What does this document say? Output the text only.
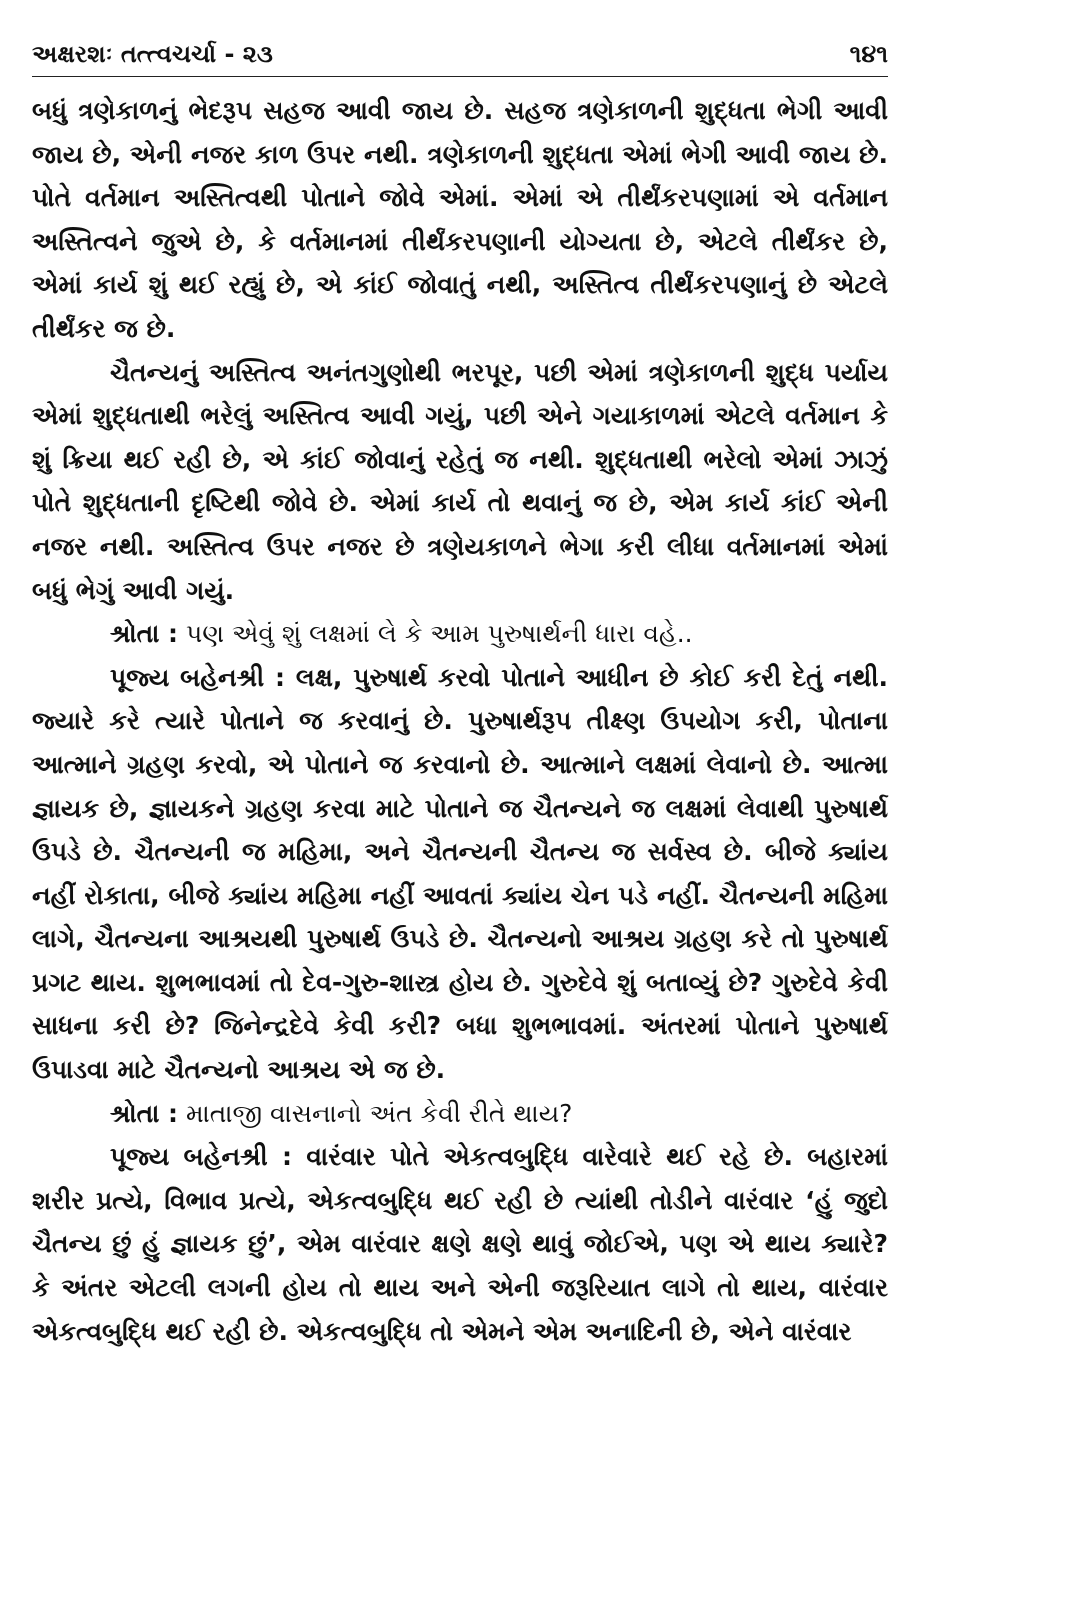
અક્ષરશઃ તત્ત્વચર્ચા - ૨૩	૧૪૧

બધું ત્રણેકાળનું ભેદરૂપ સહજ આવી જાય છે. સહજ ત્રણેકાળની શુદ્ધતા ભેગી આવી જાય છે, એની નજર કાળ ઉપર નથી. ત્રણેકાળની શુદ્ધતા એમાં ભેગી આવી જાય છે. પોતે વર્તમાન અસ્તિત્વથી પોતાને જોવે એમાં. એમાં એ તીર્થંકરપણામાં એ વર્તમાન અસ્તિત્વને જુએ છે, કે વર્તમાનમાં તીર્થંકરપણાની યોગ્યતા છે, એટલે તીર્થંકર છે, એમાં કાર્ય શું થઈ રહ્યું છે, એ કાંઈ જોવાતું નથી, અસ્તિત્વ તીર્થંકરપણાનું છે એટલે તીર્થંકર જ છે.

ચૈતન્યનું અસ્તિત્વ અનંતગુણોથી ભરપૂર, પછી એમાં ત્રણેકાળની શુદ્ધ પર્યાય એમાં શુદ્ધતાથી ભરેલું અસ્તિત્વ આવી ગયું, પછી એને ગયાકાળમાં એટલે વર્તમાન કે શું ક્રિયા થઈ રહી છે, એ કાંઈ જોવાનું રહેતું જ નથી. શુદ્ધતાથી ભરેલો એમાં ઝાઝું પોતે શુદ્ધતાની દૃષ્ટિથી જોવે છે. એમાં કાર્ય તો થવાનું જ છે, એમ કાર્ય કાંઈ એની નજર નથી. અસ્તિત્વ ઉપર નજર છે ત્રણેયકાળને ભેગા કરી લીધા વર્તમાનમાં એમાં બધું ભેગું આવી ગયું.

શ્રોતા : પણ એવું શું લક્ષમાં લે કે આમ પુરુષાર્થની ધારા વહે..

પૂજ્ય બહેનશ્રી : લક્ષ, પુરુષાર્થ કરવો પોતાને આધીન છે કોઈ કરી દેતું નથી. જ્યારે કરે ત્યારે પોતાને જ કરવાનું છે. પુરુષાર્થરૂપ તીક્ષ્ણ ઉપયોગ કરી, પોતાના આત્માને ગ્રહણ કરવો, એ પોતાને જ કરવાનો છે. આત્માને લક્ષમાં લેવાનો છે. આત્મા જ્ઞાયક છે, જ્ઞાયકને ગ્રહણ કરવા માટે પોતાને જ ચૈતન્યને જ લક્ષમાં લેવાથી પુરુષાર્થ ઉપડે છે. ચૈતન્યની જ મહિમા, અને ચૈતન્યની ચૈતન્ય જ સર્વસ્વ છે. બીજે ક્યાંય નહીં રોકાતા, બીજે ક્યાંય મહિમા નહીં આવતાં ક્યાંય ચેન પડે નહીં. ચૈતન્યની મહિમા લાગે, ચૈતન્યના આશ્રયથી પુરુષાર્થ ઉપડે છે. ચૈતન્યનો આશ્રય ગ્રહણ કરે તો પુરુષાર્થ પ્રગટ થાય. શુભભાવમાં તો દેવ-ગુરુ-શાસ્ત્ર હોય છે. ગુરુદેવે શું બતાવ્યું છે? ગુરુદેવે કેવી સાધના કરી છે? જિનેન્દ્રદેવે કેવી કરી? બધા શુભભાવમાં. અંતરમાં પોતાને પુરુષાર્થ ઉપાડવા માટે ચૈતન્યનો આશ્રય એ જ છે.

શ્રોતા : માતાજી વાસનાનો અંત કેવી રીતે થાય?

પૂજ્ય બહેનશ્રી : વારંવાર પોતે એકત્વબુદ્ધિ વારેવારે થઈ રહે છે. બહારમાં શરીર પ્રત્યે, વિભાવ પ્રત્યે, એકત્વબુદ્ધિ થઈ રહી છે ત્યાંથી તોડીને વારંવાર ‘હું જુદો ચૈતન્ય છું હું જ્ઞાયક છું’, એમ વારંવાર ક્ષણે ક્ષણે થાવું જોઈએ, પણ એ થાય ક્યારે? કે અંતર એટલી લગની હોય તો થાય અને એની જરૂરિયાત લાગે તો થાય, વારંવાર એકત્વબુદ્ધિ થઈ રહી છે. એકત્વબુદ્ધિ તો એમને એમ અનાદિની છે, એને વારંવાર
